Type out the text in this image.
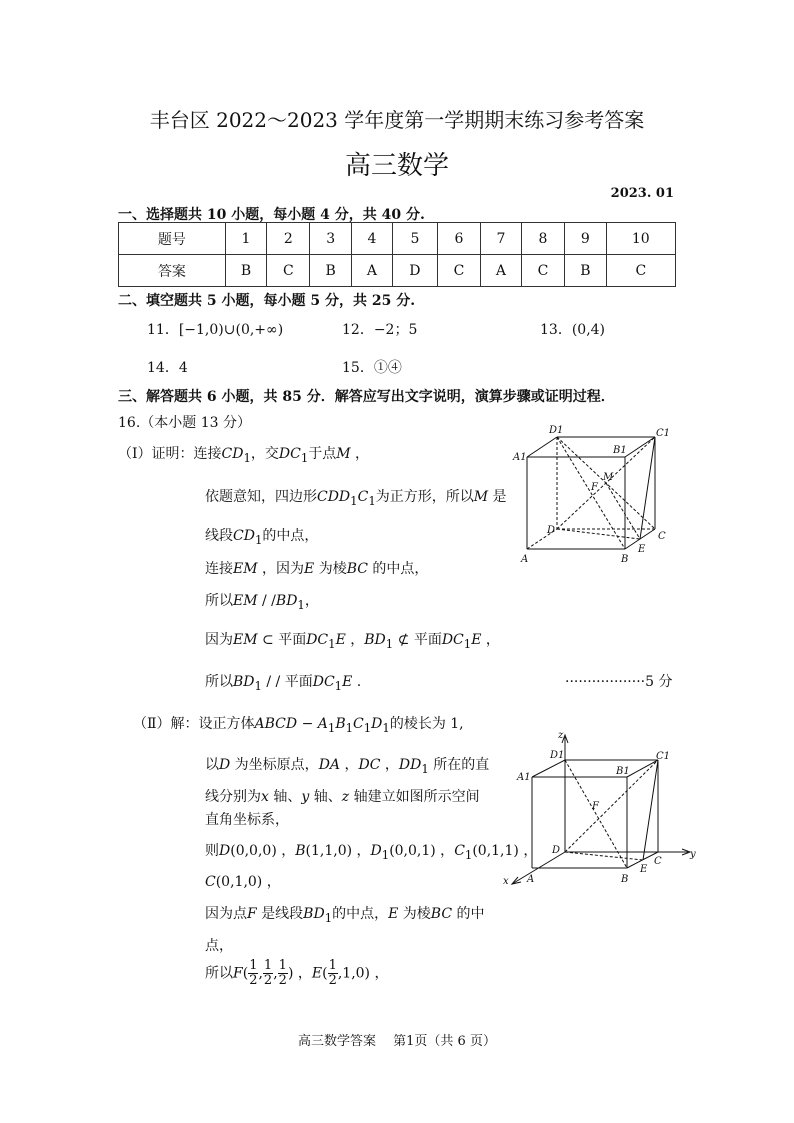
丰台区 2022～2023 学年度第一学期期末练习参考答案
高三数学
2023. 01
一、选择题共 10 小题，每小题 4 分，共 40 分.
题号	1	2	3	4	5	6	7	8	9	10
答案	B	C	B	A	D	C	A	C	B	C
二、填空题共 5 小题，每小题 5 分，共 25 分.
11．[−1,0)∪(0,+∞)	12．−2；5	13．(0,4)
14．4	15．①④
三、解答题共 6 小题，共 85 分．解答应写出文字说明，演算步骤或证明过程．
16.（本小题 13 分）
（Ⅰ）证明：连接$CD_1$，交$DC_1$于点M ，
依题意知，四边形$CDD_1C_1$为正方形，所以M 是
线段$CD_1$的中点，
连接EM ，因为E 为棱BC 的中点，
所以EM / $/BD_1$，
因为EM ⊂ 平面$DC_1E$ ，$BD_1$ ⊄ 平面$DC_1E$ ，
所以$BD_1$ / / 平面$DC_1E$ .	··················5 分
（Ⅱ）解：设正方体ABCD − $A_1B_1C_1D_1$的棱长为 1,
以D 为坐标原点，DA ，DC ，$DD_1$ 所在的直
线分别为x 轴、y 轴、z 轴建立如图所示空间
直角坐标系，
则D(0,0,0) ，B(1,1,0) ，$D_1(0,0,1)$ ，$C_1(0,1,1)$ ，
C(0,1,0) ，
因为点F 是线段$BD_1$的中点，E 为棱BC 的中
点，
所以$F( \frac{1}{2}$ , $\frac{1}{2}$ , $\frac{1}{2}$ ) ，$E( \frac{1}{2} ,1,0)$ ，
D1	C1
B1
A1
M
F
D
C
E
A	B
z
D1	C1
B1
A1
F
D
C
E
A	B
x
y
高三数学答案　 第1页（共 6 页）
